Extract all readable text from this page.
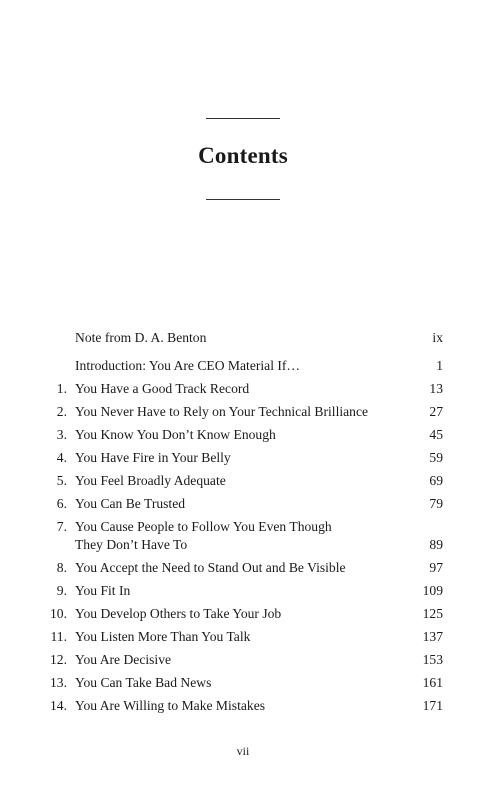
Contents
Note from D. A. Benton	ix
Introduction: You Are CEO Material If…	1
1. You Have a Good Track Record	13
2. You Never Have to Rely on Your Technical Brilliance	27
3. You Know You Don’t Know Enough	45
4. You Have Fire in Your Belly	59
5. You Feel Broadly Adequate	69
6. You Can Be Trusted	79
7. You Cause People to Follow You Even Though
They Don’t Have To	89
8. You Accept the Need to Stand Out and Be Visible	97
9. You Fit In	109
10. You Develop Others to Take Your Job	125
11. You Listen More Than You Talk	137
12. You Are Decisive	153
13. You Can Take Bad News	161
14. You Are Willing to Make Mistakes	171
vii
